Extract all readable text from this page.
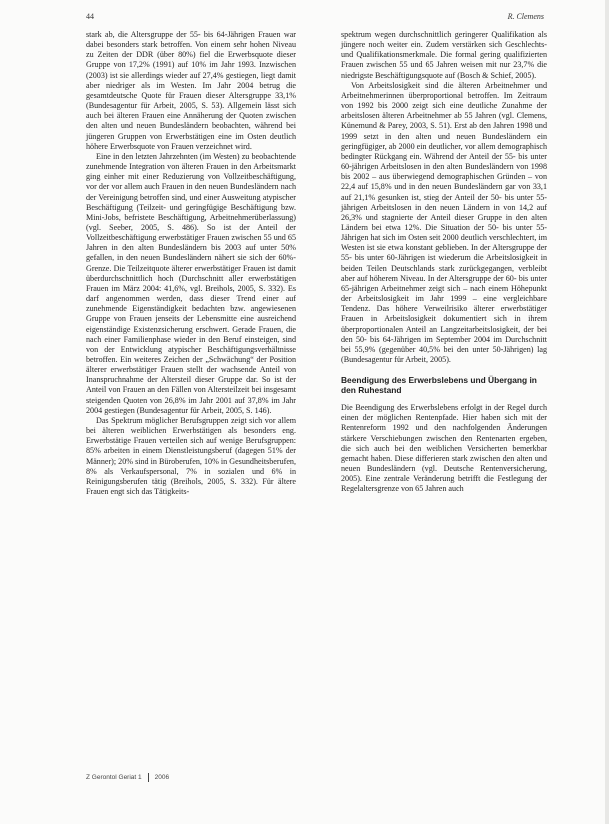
44	R. Clemens

stark ab, die Altersgruppe der 55- bis 64-Jährigen Frauen war dabei besonders stark betroffen. Von einem sehr hohen Niveau zu Zeiten der DDR (über 80%) fiel die Erwerbsquote dieser Gruppe von 17,2% (1991) auf 10% im Jahr 1993. Inzwischen (2003) ist sie allerdings wieder auf 27,4% gestiegen, liegt damit aber niedriger als im Westen. Im Jahr 2004 betrug die gesamtdeutsche Quote für Frauen dieser Altersgruppe 33,1% (Bundesagentur für Arbeit, 2005, S. 53). Allgemein lässt sich auch bei älteren Frauen eine Annäherung der Quoten zwischen den alten und neuen Bundesländern beobachten, während bei jüngeren Gruppen von Erwerbstätigen eine im Osten deutlich höhere Erwerbsquote von Frauen verzeichnet wird.

Eine in den letzten Jahrzehnten (im Westen) zu beobachtende zunehmende Integration von älteren Frauen in den Arbeitsmarkt ging einher mit einer Reduzierung von Vollzeitbeschäftigung, vor der vor allem auch Frauen in den neuen Bundesländern nach der Vereinigung betroffen sind, und einer Ausweitung atypischer Beschäftigung (Teilzeit- und geringfügige Beschäftigung bzw. Mini-Jobs, befristete Beschäftigung, Arbeitnehmerüberlassung) (vgl. Seeber, 2005, S. 486). So ist der Anteil der Vollzeitbeschäftigung erwerbstätiger Frauen zwischen 55 und 65 Jahren in den alten Bundesländern bis 2003 auf unter 50% gefallen, in den neuen Bundesländern nähert sie sich der 60%-Grenze. Die Teilzeitquote älterer erwerbstätiger Frauen ist damit überdurchschnittlich hoch (Durchschnitt aller erwerbstätigen Frauen im März 2004: 41,6%, vgl. Breihols, 2005, S. 332). Es darf angenommen werden, dass dieser Trend einer auf zunehmende Eigenständigkeit bedachten bzw. angewiesenen Gruppe von Frauen jenseits der Lebensmitte eine ausreichend eigenständige Existenzsicherung erschwert. Gerade Frauen, die nach einer Familienphase wieder in den Beruf einsteigen, sind von der Entwicklung atypischer Beschäftigungsverhältnisse betroffen. Ein weiteres Zeichen der „Schwächung“ der Position älterer erwerbstätiger Frauen stellt der wachsende Anteil von Inanspruchnahme der Altersteil dieser Gruppe dar. So ist der Anteil von Frauen an den Fällen von Altersteilzeit bei insgesamt steigenden Quoten von 26,8% im Jahr 2001 auf 37,8% im Jahr 2004 gestiegen (Bundesagentur für Arbeit, 2005, S. 146).

Das Spektrum möglicher Berufsgruppen zeigt sich vor allem bei älteren weiblichen Erwerbstätigen als besonders eng. Erwerbstätige Frauen verteilen sich auf wenige Berufsgruppen: 85% arbeiten in einem Dienstleistungsberuf (dagegen 51% der Männer); 20% sind in Büroberufen, 10% in Gesundheitsberufen, 8% als Verkaufspersonal, 7% in sozialen und 6% in Reinigungsberufen tätig (Breihols, 2005, S. 332). Für ältere Frauen engt sich das Tätigkeits-

spektrum wegen durchschnittlich geringerer Qualifikation als jüngere noch weiter ein. Zudem verstärken sich Geschlechts- und Qualifikationsmerkmale. Die formal gering qualifizierten Frauen zwischen 55 und 65 Jahren weisen mit nur 23,7% die niedrigste Beschäftigungsquote auf (Bosch & Schief, 2005).

Von Arbeitslosigkeit sind die älteren Arbeitnehmer und Arbeitnehmerinnen überproportional betroffen. Im Zeitraum von 1992 bis 2000 zeigt sich eine deutliche Zunahme der arbeitslosen älteren Arbeitnehmer ab 55 Jahren (vgl. Clemens, Künemund & Parey, 2003, S. 51). Erst ab den Jahren 1998 und 1999 setzt in den alten und neuen Bundesländern ein geringfügiger, ab 2000 ein deutlicher, vor allem demographisch bedingter Rückgang ein. Während der Anteil der 55- bis unter 60-jährigen Arbeitslosen in den alten Bundesländern von 1998 bis 2002 – aus überwiegend demographischen Gründen – von 22,4 auf 15,8% und in den neuen Bundesländern gar von 33,1 auf 21,1% gesunken ist, stieg der Anteil der 50- bis unter 55-jährigen Arbeitslosen in den neuen Ländern in von 14,2 auf 26,3% und stagnierte der Anteil dieser Gruppe in den alten Ländern bei etwa 12%. Die Situation der 50- bis unter 55-Jährigen hat sich im Osten seit 2000 deutlich verschlechtert, im Westen ist sie etwa konstant geblieben. In der Altersgruppe der 55- bis unter 60-Jährigen ist wiederum die Arbeitslosigkeit in beiden Teilen Deutschlands stark zurückgegangen, verbleibt aber auf höherem Niveau. In der Altersgruppe der 60- bis unter 65-jährigen Arbeitnehmer zeigt sich – nach einem Höhepunkt der Arbeitslosigkeit im Jahr 1999 – eine vergleichbare Tendenz. Das höhere Verweilrisiko älterer erwerbstätiger Frauen in Arbeitslosigkeit dokumentiert sich in ihrem überproportionalen Anteil an Langzeitarbeitslosigkeit, der bei den 50- bis 64-Jährigen im September 2004 im Durchschnitt bei 55,9% (gegenüber 40,5% bei den unter 50-Jährigen) lag (Bundesagentur für Arbeit, 2005).

Beendigung des Erwerbslebens und Übergang in den Ruhestand

Die Beendigung des Erwerbslebens erfolgt in der Regel durch einen der möglichen Rentenpfade. Hier haben sich mit der Rentenreform 1992 und den nachfolgenden Änderungen stärkere Verschiebungen zwischen den Rentenarten ergeben, die sich auch bei den weiblichen Versicherten bemerkbar gemacht haben. Diese differieren stark zwischen den alten und neuen Bundesländern (vgl. Deutsche Rentenversicherung, 2005). Eine zentrale Veränderung betrifft die Festlegung der Regelaltersgrenze von 65 Jahren auch

Z Gerontol Geriat 1 2006
